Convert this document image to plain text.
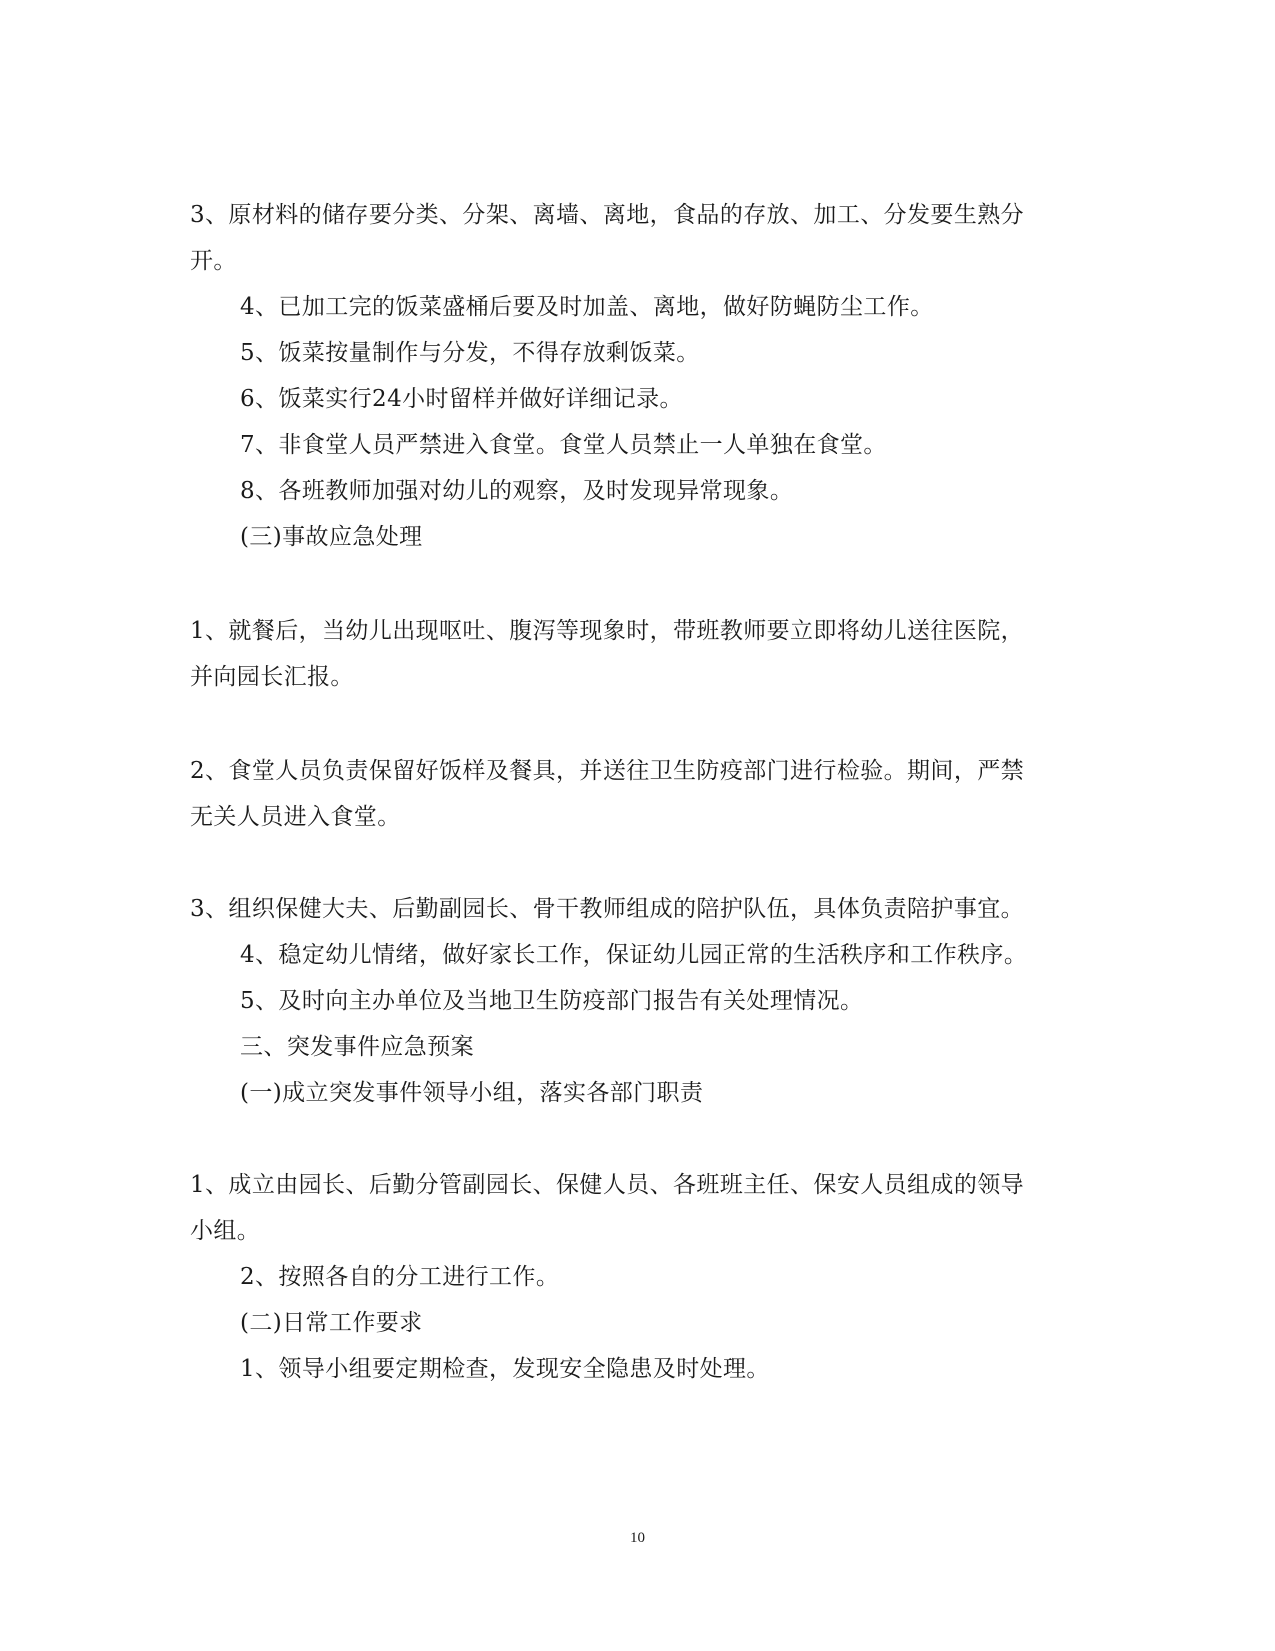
3、原材料的储存要分类、分架、离墙、离地，食品的存放、加工、分发要生熟分
开。
4、已加工完的饭菜盛桶后要及时加盖、离地，做好防蝇防尘工作。
5、饭菜按量制作与分发，不得存放剩饭菜。
6、饭菜实行24小时留样并做好详细记录。
7、非食堂人员严禁进入食堂。食堂人员禁止一人单独在食堂。
8、各班教师加强对幼儿的观察，及时发现异常现象。
(三)事故应急处理
1、就餐后，当幼儿出现呕吐、腹泻等现象时，带班教师要立即将幼儿送往医院，
并向园长汇报。
2、食堂人员负责保留好饭样及餐具，并送往卫生防疫部门进行检验。期间，严禁
无关人员进入食堂。
3、组织保健大夫、后勤副园长、骨干教师组成的陪护队伍，具体负责陪护事宜。
4、稳定幼儿情绪，做好家长工作，保证幼儿园正常的生活秩序和工作秩序。
5、及时向主办单位及当地卫生防疫部门报告有关处理情况。
三、突发事件应急预案
(一)成立突发事件领导小组，落实各部门职责
1、成立由园长、后勤分管副园长、保健人员、各班班主任、保安人员组成的领导
小组。
2、按照各自的分工进行工作。
(二)日常工作要求
1、领导小组要定期检查，发现安全隐患及时处理。
10
